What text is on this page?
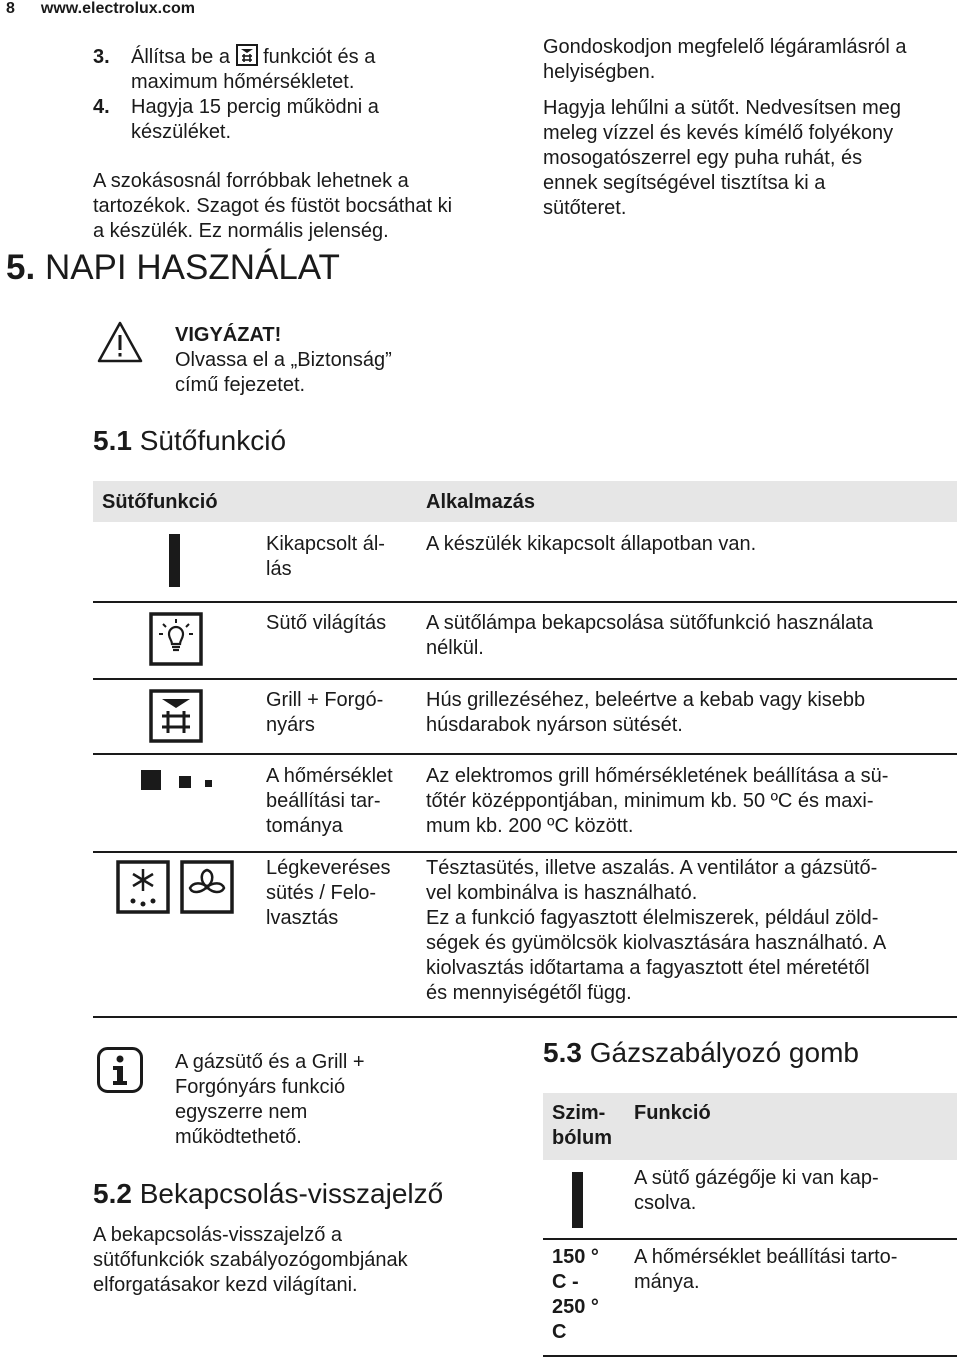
8 www.electrolux.com

3. Állítsa be a funkciót és a

maximum hőmérsékletet.

4. Hagyja 15 percig működni a

készüléket.

A szokásosnál forróbbak lehetnek a

tartozékok. Szagot és füstöt bocsáthat ki

a készülék. Ez normális jelenség.

Gondoskodjon megfelelő légáramlásról a

helyiségben.

Hagyja lehűlni a sütőt. Nedvesítsen meg

meleg vízzel és kevés kímélő folyékony

mosogatószerrel egy puha ruhát, és

ennek segítségével tisztítsa ki a

sütőteret.

5. NAPI HASZNÁLAT

VIGYÁZAT!

Olvassa el a „Biztonság”

című fejezetet.

5.1 Sütőfunkció
Sütőfunkció	Alkalmazás
Kikapcsolt ál-
lás
A készülék kikapcsolt állapotban van.
Sütő világítás	A sütőlámpa bekapcsolása sütőfunkció használata
nélkül.
Grill + Forgó-
nyárs
Hús grillezéséhez, beleértve a kebab vagy kisebb
húsdarabok nyárson sütését.
A hőmérséklet
beállítási tar-
tománya
Az elektromos grill hőmérsékletének beállítása a sü-
tőtér középpontjában, minimum kb. 50 ºC és maxi-
mum kb. 200 ºC között.
Légkeveréses
sütés / Felo-
lvasztás
Tésztasütés, illetve aszalás. A ventilátor a gázsütő-
vel kombinálva is használható.
Ez a funkció fagyasztott élelmiszerek, például zöld-
ségek és gyümölcsök kiolvasztására használható. A
kiolvasztás időtartama a fagyasztott étel méretétől
és mennyiségétől függ.

A gázsütő és a Grill +

Forgónyárs funkció

egyszerre nem

működtethető.

5.2 Bekapcsolás-visszajelző

A bekapcsolás-visszajelző a

sütőfunkciók szabályozógombjának

elforgatásakor kezd világítani.

5.3 Gázszabályozó gomb
Szim-
bólum
Funkció
A sütő gázégője ki van kap-
csolva.
150 °
C -
250 °
C
A hőmérséklet beállítási tarto-
mánya.
